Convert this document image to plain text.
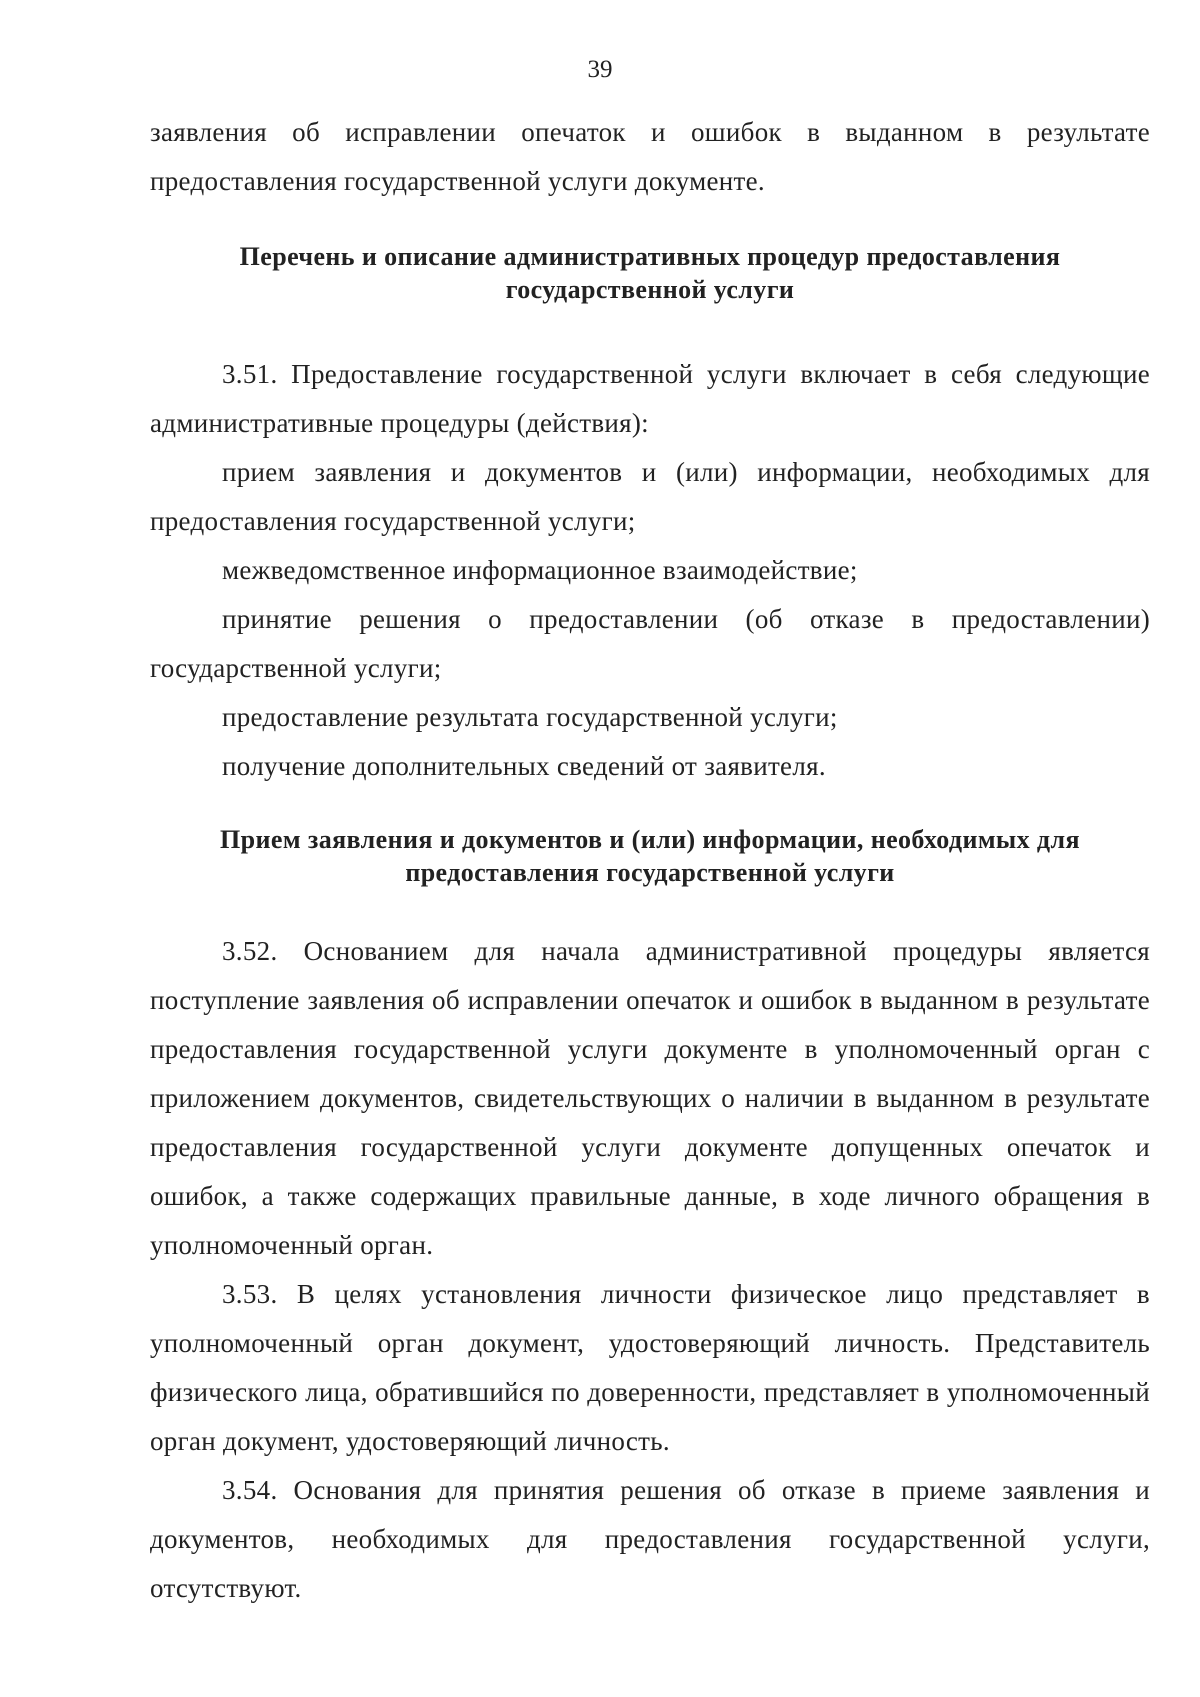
39

заявления об исправлении опечаток и ошибок в выданном в результате предоставления государственной услуги документе.

Перечень и описание административных процедур предоставления государственной услуги

3.51. Предоставление государственной услуги включает в себя следующие административные процедуры (действия):

прием заявления и документов и (или) информации, необходимых для предоставления государственной услуги;

межведомственное информационное взаимодействие;

принятие решения о предоставлении (об отказе в предоставлении) государственной услуги;

предоставление результата государственной услуги;

получение дополнительных сведений от заявителя.

Прием заявления и документов и (или) информации, необходимых для предоставления государственной услуги

3.52. Основанием для начала административной процедуры является поступление заявления об исправлении опечаток и ошибок в выданном в результате предоставления государственной услуги документе в уполномоченный орган с приложением документов, свидетельствующих о наличии в выданном в результате предоставления государственной услуги документе допущенных опечаток и ошибок, а также содержащих правильные данные, в ходе личного обращения в уполномоченный орган.

3.53. В целях установления личности физическое лицо представляет в уполномоченный орган документ, удостоверяющий личность. Представитель физического лица, обратившийся по доверенности, представляет в уполномоченный орган документ, удостоверяющий личность.

3.54. Основания для принятия решения об отказе в приеме заявления и документов, необходимых для предоставления государственной услуги, отсутствуют.
